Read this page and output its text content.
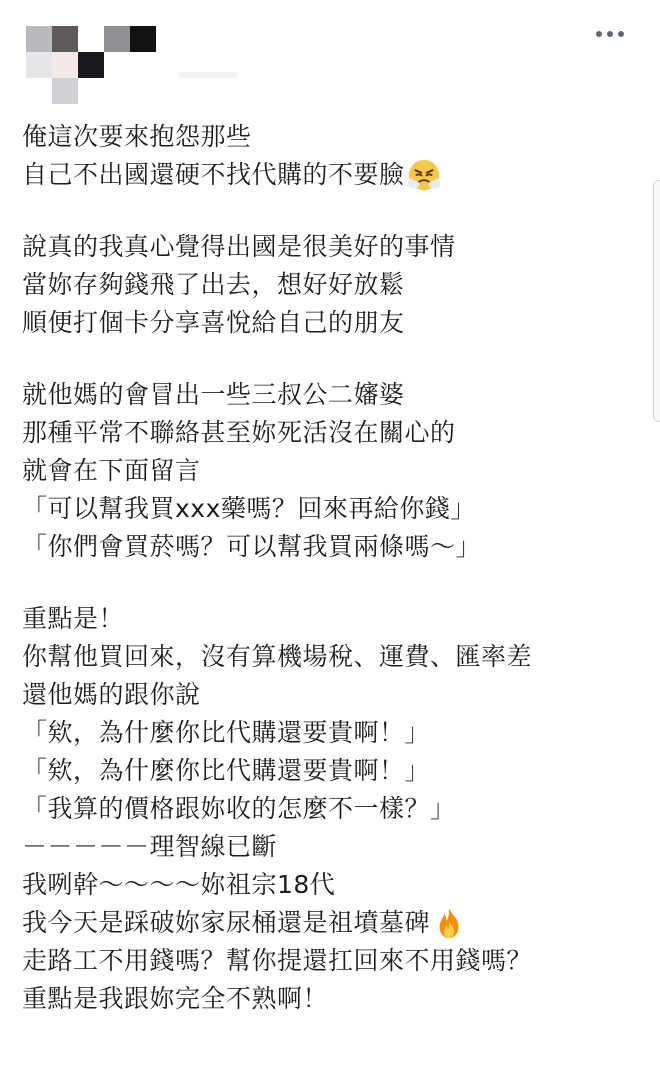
俺這次要來抱怨那些
自己不出國還硬不找代購的不要臉
說真的我真心覺得出國是很美好的事情
當妳存夠錢飛了出去，想好好放鬆
順便打個卡分享喜悅給自己的朋友
就他媽的會冒出一些三叔公二嬸婆
那種平常不聯絡甚至妳死活沒在關心的
就會在下面留言
「可以幫我買xxx藥嗎？回來再給你錢」
「你們會買菸嗎？可以幫我買兩條嗎～」
重點是！
你幫他買回來，沒有算機場稅、運費、匯率差
還他媽的跟你說
「欸，為什麼你比代購還要貴啊！」
「欸，為什麼你比代購還要貴啊！」
「我算的價格跟妳收的怎麼不一樣？」
－－－－－理智線已斷
我咧幹～～～～妳祖宗18代
我今天是踩破妳家尿桶還是祖墳墓碑
走路工不用錢嗎？幫你提還扛回來不用錢嗎？
重點是我跟妳完全不熟啊！
